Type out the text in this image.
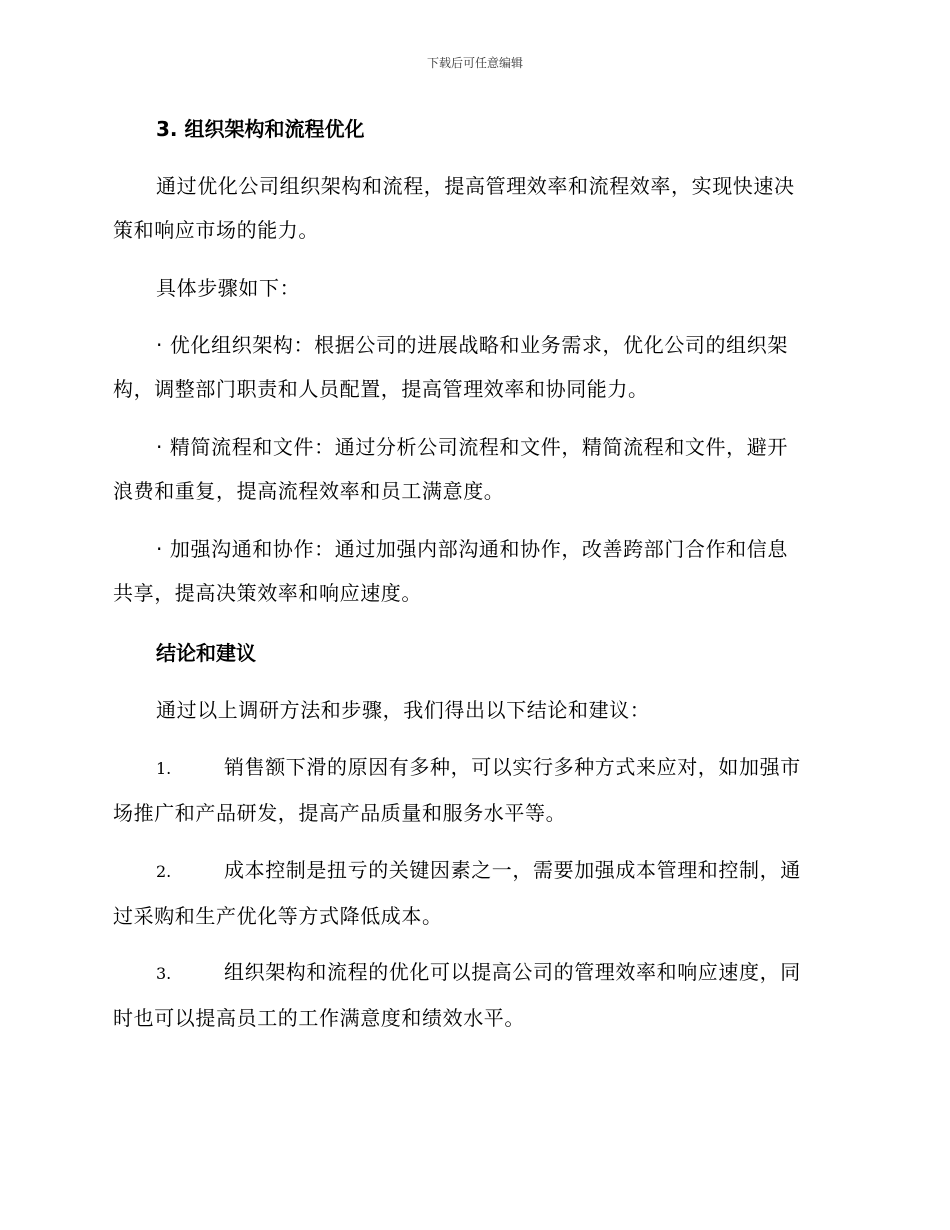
下载后可任意编辑
3. 组织架构和流程优化
通过优化公司组织架构和流程，提高管理效率和流程效率，实现快速决
策和响应市场的能力。
具体步骤如下：
· 优化组织架构：根据公司的进展战略和业务需求，优化公司的组织架
构，调整部门职责和人员配置，提高管理效率和协同能力。
· 精简流程和文件：通过分析公司流程和文件，精简流程和文件，避开
浪费和重复，提高流程效率和员工满意度。
· 加强沟通和协作：通过加强内部沟通和协作，改善跨部门合作和信息
共享，提高决策效率和响应速度。
结论和建议
通过以上调研方法和步骤，我们得出以下结论和建议：
1.	销售额下滑的原因有多种，可以实行多种方式来应对，如加强市
场推广和产品研发，提高产品质量和服务水平等。
2.	成本控制是扭亏的关键因素之一，需要加强成本管理和控制，通
过采购和生产优化等方式降低成本。
3.	组织架构和流程的优化可以提高公司的管理效率和响应速度，同
时也可以提高员工的工作满意度和绩效水平。
